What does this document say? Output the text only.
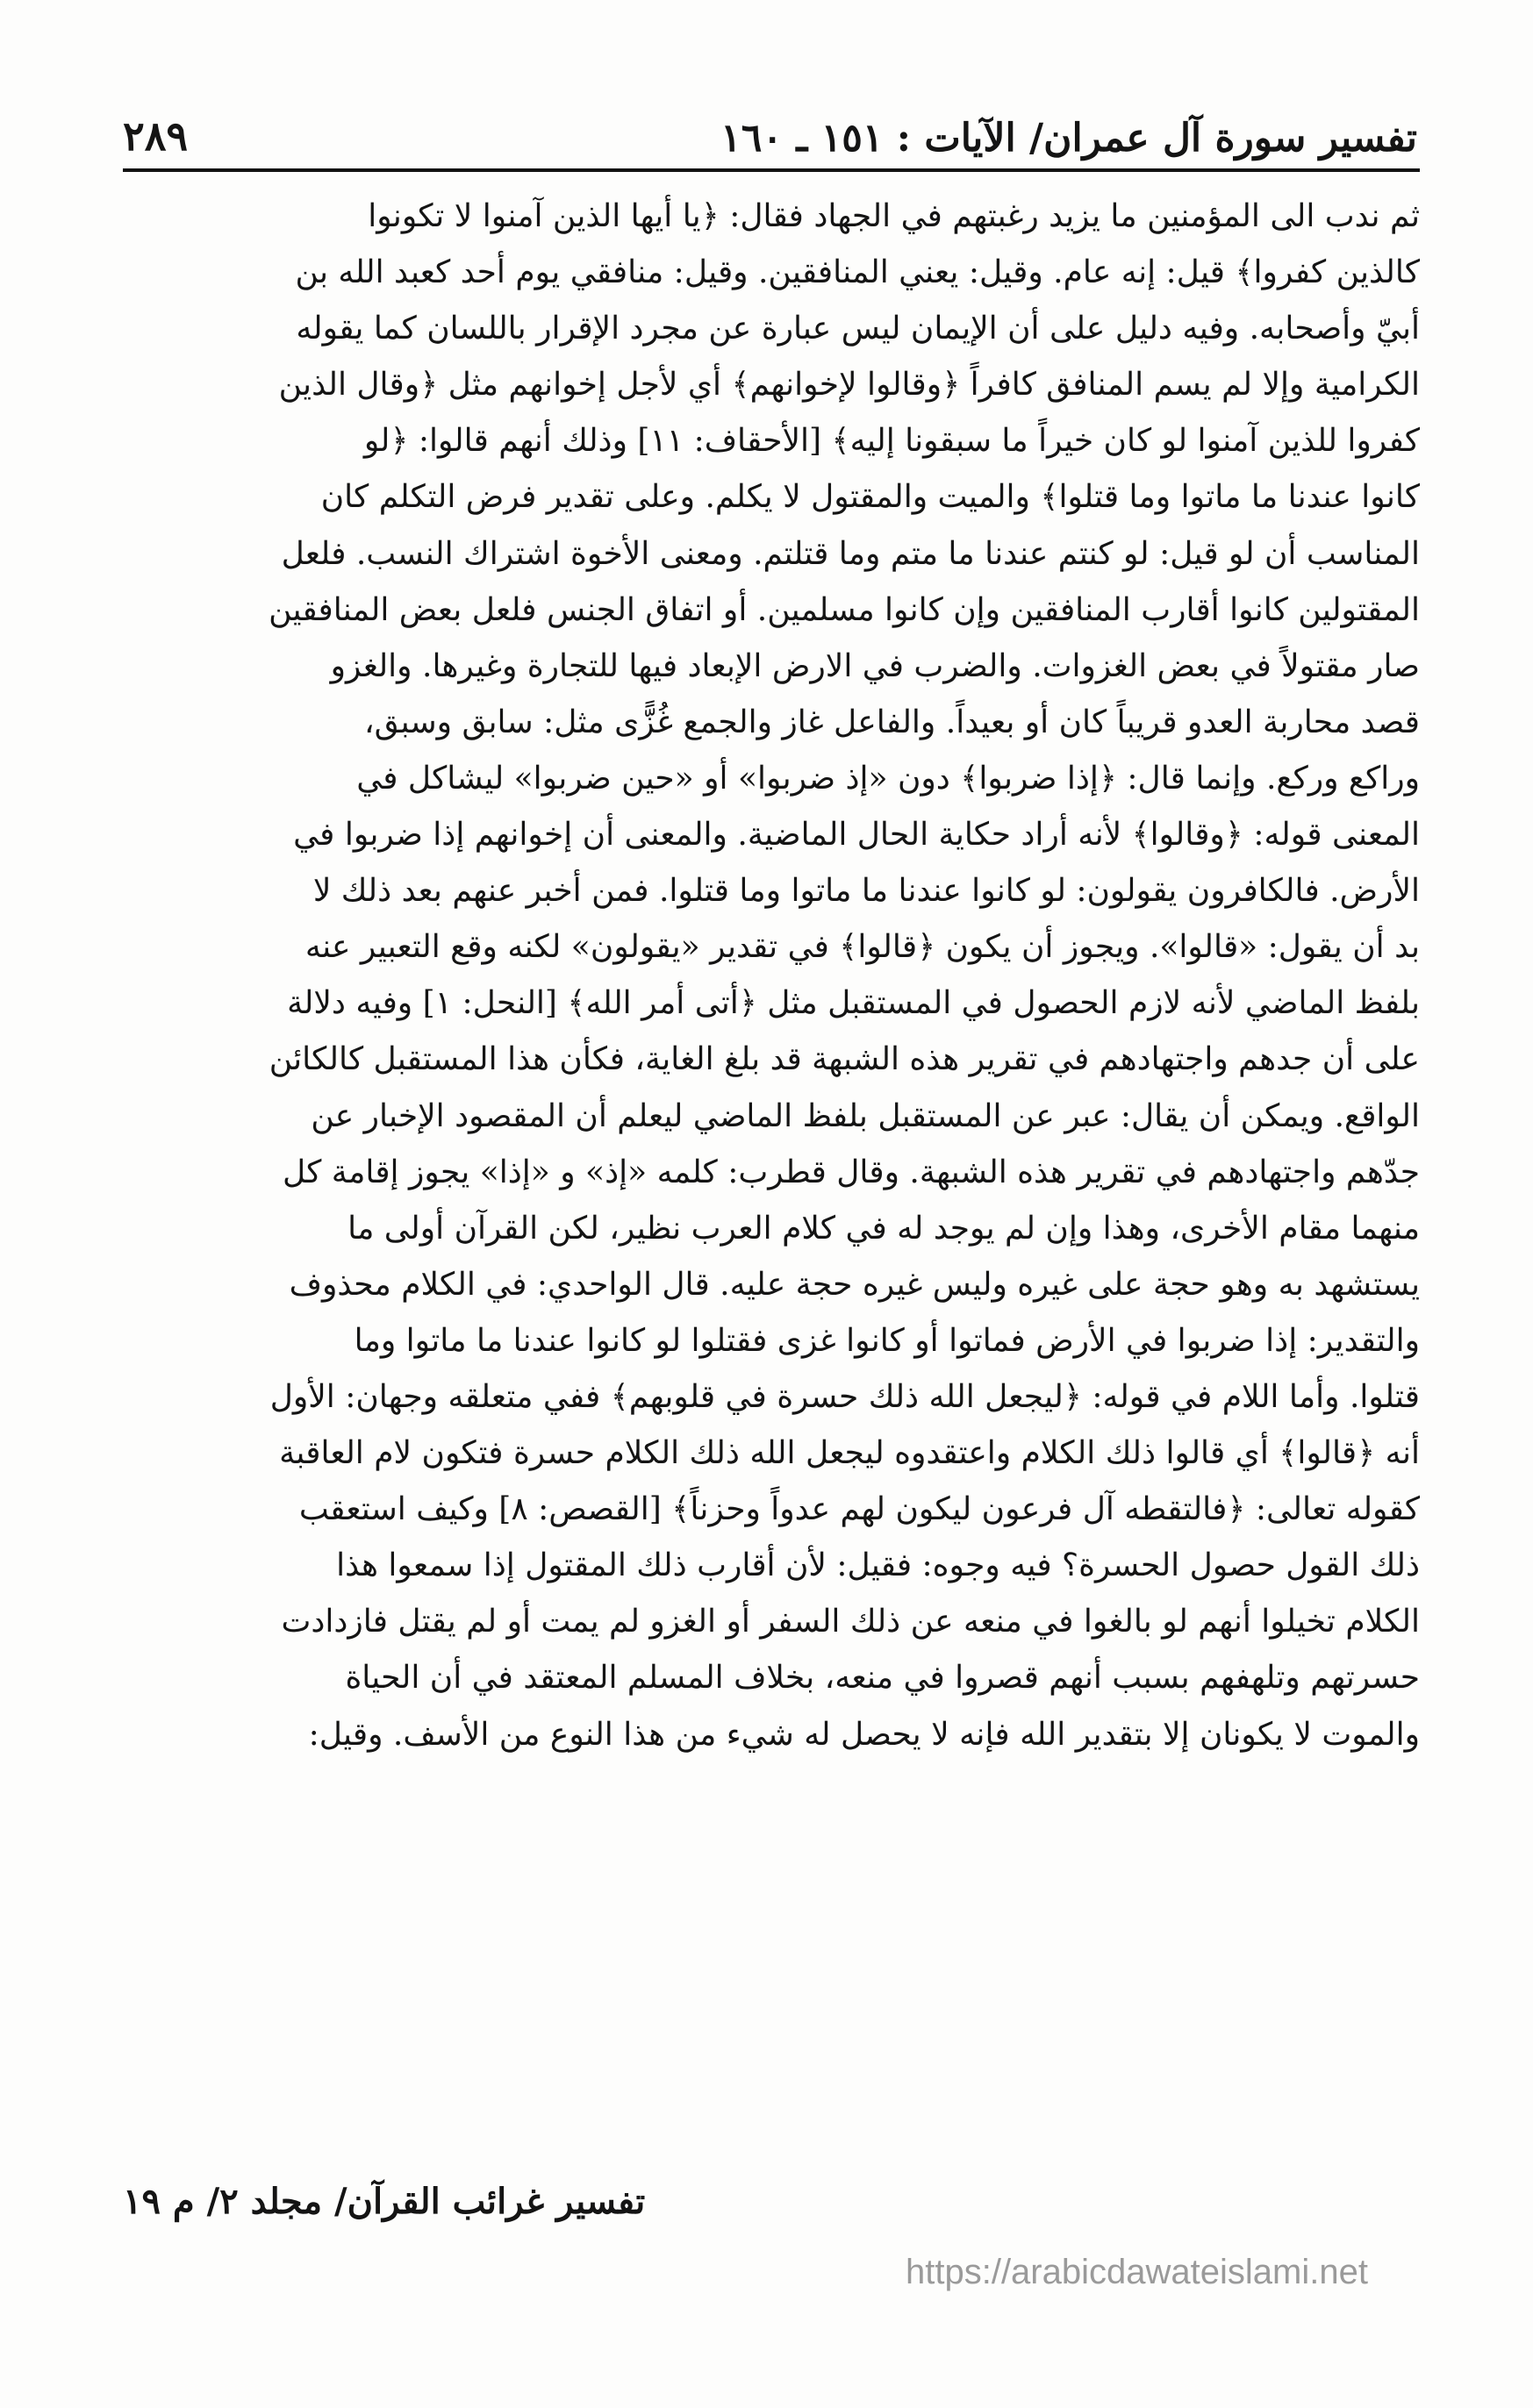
تفسير سورة آل عمران/ الآيات : ١٥١ ـ ١٦٠
٢٨٩
ثم ندب الى المؤمنين ما يزيد رغبتهم في الجهاد فقال: ﴿يا أيها الذين آمنوا لا تكونوا
كالذين كفروا﴾ قيل: إنه عام. وقيل: يعني المنافقين. وقيل: منافقي يوم أحد كعبد الله بن
أبيّ وأصحابه. وفيه دليل على أن الإيمان ليس عبارة عن مجرد الإقرار باللسان كما يقوله
الكرامية وإلا لم يسم المنافق كافراً ﴿وقالوا لإخوانهم﴾ أي لأجل إخوانهم مثل ﴿وقال الذين
كفروا للذين آمنوا لو كان خيراً ما سبقونا إليه﴾ [الأحقاف: ١١] وذلك أنهم قالوا: ﴿لو
كانوا عندنا ما ماتوا وما قتلوا﴾ والميت والمقتول لا يكلم. وعلى تقدير فرض التكلم كان
المناسب أن لو قيل: لو كنتم عندنا ما متم وما قتلتم. ومعنى الأخوة اشتراك النسب. فلعل
المقتولين كانوا أقارب المنافقين وإن كانوا مسلمين. أو اتفاق الجنس فلعل بعض المنافقين
صار مقتولاً في بعض الغزوات. والضرب في الارض الإبعاد فيها للتجارة وغيرها. والغزو
قصد محاربة العدو قريباً كان أو بعيداً. والفاعل غاز والجمع غُزًّى مثل: سابق وسبق،
وراكع وركع. وإنما قال: ﴿إذا ضربوا﴾ دون «إذ ضربوا» أو «حين ضربوا» ليشاكل في
المعنى قوله: ﴿وقالوا﴾ لأنه أراد حكاية الحال الماضية. والمعنى أن إخوانهم إذا ضربوا في
الأرض. فالكافرون يقولون: لو كانوا عندنا ما ماتوا وما قتلوا. فمن أخبر عنهم بعد ذلك لا
بد أن يقول: «قالوا». ويجوز أن يكون ﴿قالوا﴾ في تقدير «يقولون» لكنه وقع التعبير عنه
بلفظ الماضي لأنه لازم الحصول في المستقبل مثل ﴿أتى أمر الله﴾ [النحل: ١] وفيه دلالة
على أن جدهم واجتهادهم في تقرير هذه الشبهة قد بلغ الغاية، فكأن هذا المستقبل كالكائن
الواقع. ويمكن أن يقال: عبر عن المستقبل بلفظ الماضي ليعلم أن المقصود الإخبار عن
جدّهم واجتهادهم في تقرير هذه الشبهة. وقال قطرب: كلمه «إذ» و «إذا» يجوز إقامة كل
منهما مقام الأخرى، وهذا وإن لم يوجد له في كلام العرب نظير، لكن القرآن أولى ما
يستشهد به وهو حجة على غيره وليس غيره حجة عليه. قال الواحدي: في الكلام محذوف
والتقدير: إذا ضربوا في الأرض فماتوا أو كانوا غزى فقتلوا لو كانوا عندنا ما ماتوا وما
قتلوا. وأما اللام في قوله: ﴿ليجعل الله ذلك حسرة في قلوبهم﴾ ففي متعلقه وجهان: الأول
أنه ﴿قالوا﴾ أي قالوا ذلك الكلام واعتقدوه ليجعل الله ذلك الكلام حسرة فتكون لام العاقبة
كقوله تعالى: ﴿فالتقطه آل فرعون ليكون لهم عدواً وحزناً﴾ [القصص: ٨] وكيف استعقب
ذلك القول حصول الحسرة؟ فيه وجوه: فقيل: لأن أقارب ذلك المقتول إذا سمعوا هذا
الكلام تخيلوا أنهم لو بالغوا في منعه عن ذلك السفر أو الغزو لم يمت أو لم يقتل فازدادت
حسرتهم وتلهفهم بسبب أنهم قصروا في منعه، بخلاف المسلم المعتقد في أن الحياة
والموت لا يكونان إلا بتقدير الله فإنه لا يحصل له شيء من هذا النوع من الأسف. وقيل:
تفسير غرائب القرآن/ مجلد ٢/ م ١٩
https://arabicdawateislami.net
